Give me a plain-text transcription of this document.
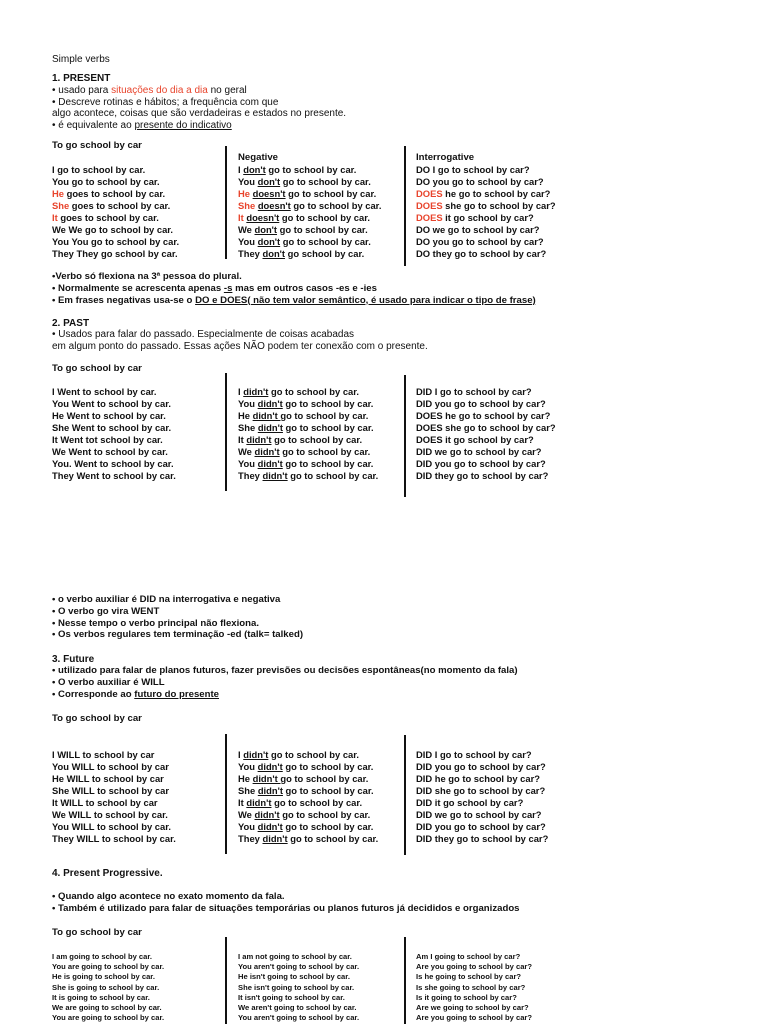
Simple verbs
1. PRESENT
• usado para situações do dia a dia no geral
• Descreve rotinas e hábitos; a frequência com que
algo acontece, coisas que são verdadeiras e estados no presente.
• é equivalente ao presente do indicativo
To go school by car
Negative	Interrogative
I go to school by car.
You go to school by car.
He goes to school by car.
She goes to school by car.
It goes to school by car.
We We go to school by car.
You You go to school by car.
They They go school by car.
I don't go to school by car.
You don't go to school by car.
He doesn't go to school by car.
She doesn't go to school by car.
It doesn't go to school by car.
We don't go to school by car.
You don't go to school by car.
They don't go school by car.
DO I go to school by car?
DO you go to school by car?
DOES he go to school by car?
DOES she go to school by car?
DOES it go school by car?
DO we go to school by car?
DO you go to school by car?
DO they go to school by car?
•Verbo só flexiona na 3ª pessoa do plural.
• Normalmente se acrescenta apenas -s mas em outros casos -es e -ies
• Em frases negativas usa-se o DO e DOES( não tem valor semântico, é usado para indicar o tipo de frase)
2. PAST
• Usados para falar do passado. Especialmente de coisas acabadas
em algum ponto do passado. Essas ações NÃO podem ter conexão com o presente.
To go school by car
I Went to school by car.
You Went to school by car.
He Went to school by car.
She Went to school by car.
It Went tot school by car.
We Went to school by car.
You. Went to school by car.
They Went to school by car.
I didn't go to school by car.
You didn't go to school by car.
He didn't go to school by car.
She didn't go to school by car.
It didn't go to school by car.
We didn't go to school by car.
You didn't go to school by car.
They didn't go to school by car.
DID I go to school by car?
DID you go to school by car?
DOES he go to school by car?
DOES she go to school by car?
DOES it go school by car?
DID we go to school by car?
DID you go to school by car?
DID they go to school by car?
• o verbo auxiliar é DID na interrogativa e negativa
• O verbo go vira WENT
• Nesse tempo o verbo principal não flexiona.
• Os verbos regulares tem terminação -ed (talk= talked)
3. Future
• utilizado para falar de planos futuros, fazer previsões ou decisões espontâneas(no momento da fala)
• O verbo auxiliar é WILL
• Corresponde ao futuro do presente
To go school by car
I WILL to school by car
You WILL to school by car
He WILL to school by car
She WILL to school by car
It WILL to school by car
We WILL to school by car.
You WILL to school by car.
They WILL to school by car.
I didn't go to school by car.
You didn't go to school by car.
He didn't go to school by car.
She didn't go to school by car.
It didn't go to school by car.
We didn't go to school by car.
You didn't go to school by car.
They didn't go to school by car.
DID I go to school by car?
DID you go to school by car?
DID he go to school by car?
DID she go to school by car?
DID it go school by car?
DID we go to school by car?
DID you go to school by car?
DID they go to school by car?
4. Present Progressive.
• Quando algo acontece no exato momento da fala.
• Também é utilizado para falar de situações temporárias ou planos futuros já decididos e organizados
To go school by car
I am going to school by car.
You are going to school by car.
He is going to school by car.
She is going to school by car.
It is going to school by car.
We are going to school by car.
You are going to school by car.
I am not going to school by car.
You aren't going to school by car.
He isn't going to school by car.
She isn't going to school by car.
It isn't going to school by car.
We aren't going to school by car.
You aren't going to school by car.
Am I going to school by car?
Are you going to school by car?
Is he going to school by car?
Is she going to school by car?
Is it going to school by car?
Are we going to school by car?
Are you going to school by car?
